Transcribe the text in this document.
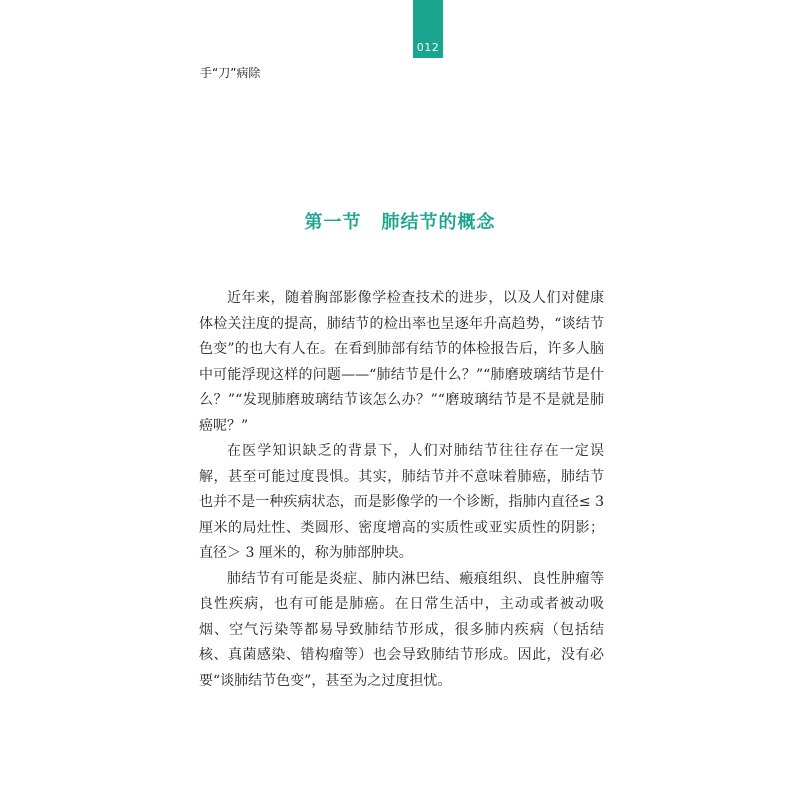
012
手“刀”病除
第一节 肺结节的概念

近年来，随着胸部影像学检查技术的进步，以及人们对健康体检关注度的提高，肺结节的检出率也呈逐年升高趋势，“谈结节色变”的也大有人在。在看到肺部有结节的体检报告后，许多人脑中可能浮现这样的问题——“肺结节是什么？”“肺磨玻璃结节是什么？”“发现肺磨玻璃结节该怎么办？”“磨玻璃结节是不是就是肺癌呢？”

在医学知识缺乏的背景下，人们对肺结节往往存在一定误解，甚至可能过度畏惧。其实，肺结节并不意味着肺癌，肺结节也并不是一种疾病状态，而是影像学的一个诊断，指肺内直径≤ 3 厘米的局灶性、类圆形、密度增高的实质性或亚实质性的阴影；直径＞ 3 厘米的，称为肺部肿块。

肺结节有可能是炎症、肺内淋巴结、瘢痕组织、良性肿瘤等良性疾病，也有可能是肺癌。在日常生活中，主动或者被动吸烟、空气污染等都易导致肺结节形成，很多肺内疾病（包括结核、真菌感染、错构瘤等）也会导致肺结节形成。因此，没有必要“谈肺结节色变”，甚至为之过度担忧。
